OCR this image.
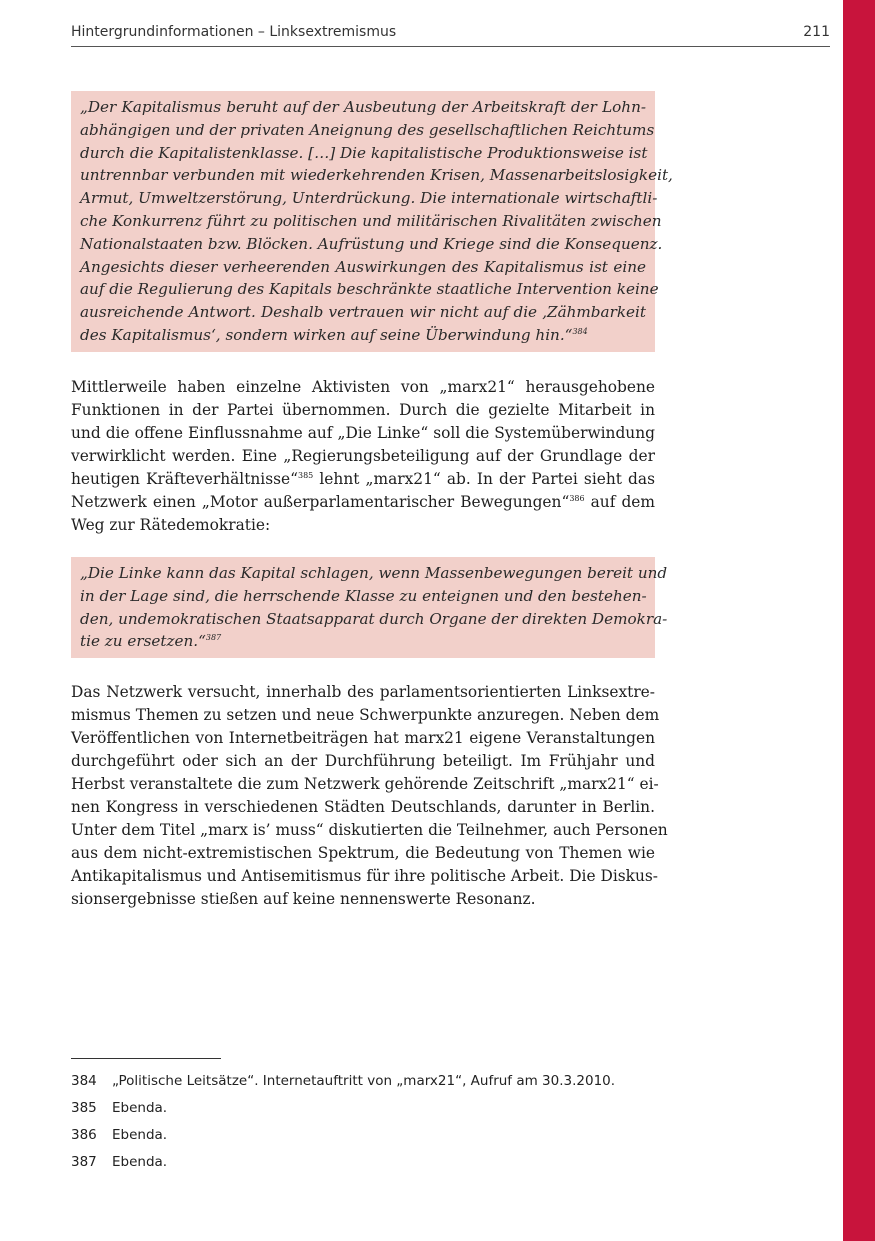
Hintergrundinformationen – Linksextremismus	211
„Der Kapitalismus beruht auf der Ausbeutung der Arbeitskraft der Lohn-
abhängigen und der privaten Aneignung des gesellschaftlichen Reichtums
durch die Kapitalistenklasse. […] Die kapitalistische Produktionsweise ist
untrennbar verbunden mit wiederkehrenden Krisen, Massenarbeitslosigkeit,
Armut, Umweltzerstörung, Unterdrückung. Die internationale wirtschaftli-
che Konkurrenz führt zu politischen und militärischen Rivalitäten zwischen
Nationalstaaten bzw. Blöcken. Aufrüstung und Kriege sind die Konsequenz.
Angesichts dieser verheerenden Auswirkungen des Kapitalismus ist eine
auf die Regulierung des Kapitals beschränkte staatliche Intervention keine
ausreichende Antwort. Deshalb vertrauen wir nicht auf die ‚Zähmbarkeit
des Kapitalismus‘, sondern wirken auf seine Überwindung hin.“$^{384}$
Mittlerweile haben einzelne Aktivisten von „marx21“ herausgehobene
Funktionen in der Partei übernommen. Durch die gezielte Mitarbeit in
und die offene Einflussnahme auf „Die Linke“ soll die Systemüberwindung
verwirklicht werden. Eine „Regierungsbeteiligung auf der Grundlage der
heutigen Kräfteverhältnisse“$^{385}$ lehnt „marx21“ ab. In der Partei sieht das
Netzwerk einen „Motor außerparlamentarischer Bewegungen“$^{386}$ auf dem
Weg zur Rätedemokratie:
„Die Linke kann das Kapital schlagen, wenn Massenbewegungen bereit und
in der Lage sind, die herrschende Klasse zu enteignen und den bestehen-
den, undemokratischen Staatsapparat durch Organe der direkten Demokra-
tie zu ersetzen.“$^{387}$
Das Netzwerk versucht, innerhalb des parlamentsorientierten Linksextre-
mismus Themen zu setzen und neue Schwerpunkte anzuregen. Neben dem
Veröffentlichen von Internetbeiträgen hat marx21 eigene Veranstaltungen
durchgeführt oder sich an der Durchführung beteiligt. Im Frühjahr und
Herbst veranstaltete die zum Netzwerk gehörende Zeitschrift „marx21“ ei-
nen Kongress in verschiedenen Städten Deutschlands, darunter in Berlin.
Unter dem Titel „marx is’ muss“ diskutierten die Teilnehmer, auch Personen
aus dem nicht-extremistischen Spektrum, die Bedeutung von Themen wie
Antikapitalismus und Antisemitismus für ihre politische Arbeit. Die Diskus-
sionsergebnisse stießen auf keine nennenswerte Resonanz.
384 „Politische Leitsätze“. Internetauftritt von „marx21“, Aufruf am 30.3.2010.
385 Ebenda.
386 Ebenda.
387 Ebenda.
